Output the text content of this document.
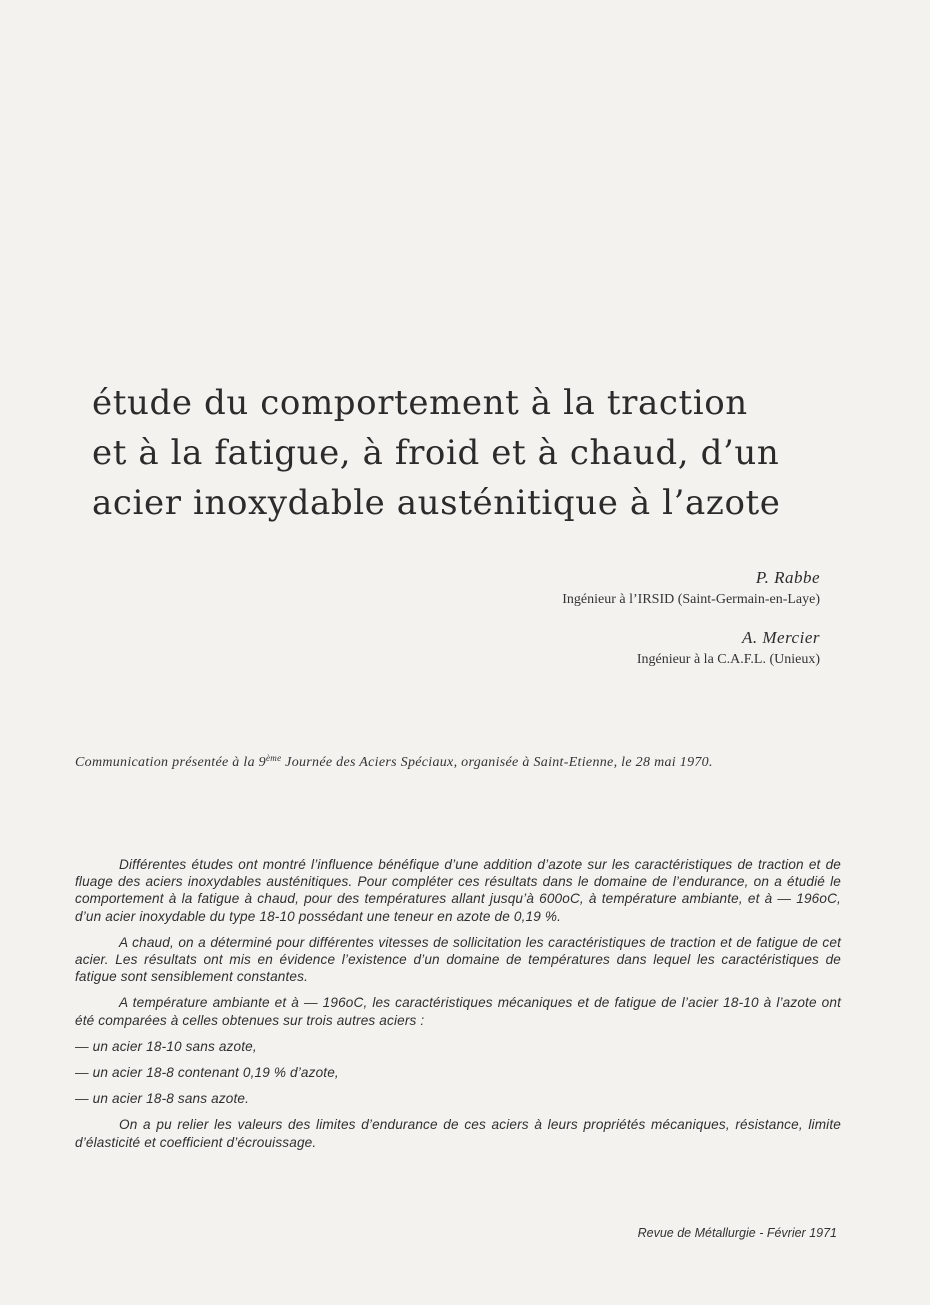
étude du comportement à la traction
et à la fatigue, à froid et à chaud, d’un
acier inoxydable austénitique à l’azote
P. Rabbe
Ingénieur à l’IRSID (Saint-Germain-en-Laye)
A. Mercier
Ingénieur à la C.A.F.L. (Unieux)
Communication présentée à la 9ème Journée des Aciers Spéciaux, organisée à Saint-Etienne, le 28 mai 1970.

Différentes études ont montré l’influence bénéfique d’une addition d’azote sur les caractéristiques de traction et de fluage des aciers inoxydables austénitiques. Pour compléter ces résultats dans le domaine de l’endurance, on a étudié le comportement à la fatigue à chaud, pour des températures allant jusqu’à 600oC, à température ambiante, et à — 196oC, d’un acier inoxydable du type 18-10 possédant une teneur en azote de 0,19 %.

A chaud, on a déterminé pour différentes vitesses de sollicitation les caractéristiques de traction et de fatigue de cet acier. Les résultats ont mis en évidence l’existence d’un domaine de températures dans lequel les caractéristiques de fatigue sont sensiblement constantes.

A température ambiante et à — 196oC, les caractéristiques mécaniques et de fatigue de l’acier 18-10 à l’azote ont été comparées à celles obtenues sur trois autres aciers :

— un acier 18-10 sans azote,
— un acier 18-8 contenant 0,19 % d’azote,
— un acier 18-8 sans azote.

On a pu relier les valeurs des limites d’endurance de ces aciers à leurs propriétés mécaniques, résistance, limite d’élasticité et coefficient d’écrouissage.

Revue de Métallurgie - Février 1971
